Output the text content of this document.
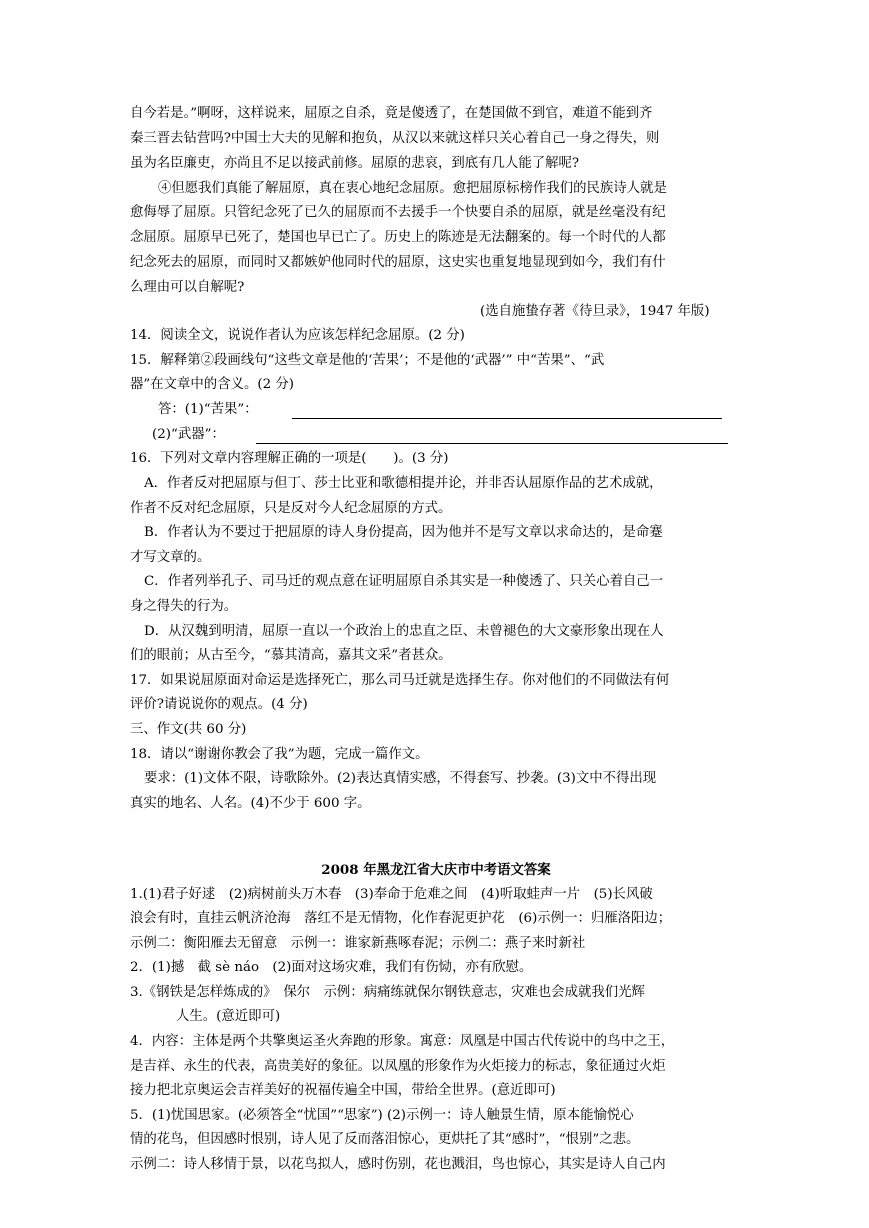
自今若是。”啊呀，这样说来，屈原之自杀，竟是傻透了，在楚国做不到官，难道不能到齐
秦三晋去钻营吗?中国士大夫的见解和抱负，从汉以来就这样只关心着自己一身之得失，则
虽为名臣廉吏，亦尚且不足以接武前修。屈原的悲哀，到底有几人能了解呢?
④但愿我们真能了解屈原，真在衷心地纪念屈原。愈把屈原标榜作我们的民族诗人就是
愈侮辱了屈原。只管纪念死了已久的屈原而不去援手一个快要自杀的屈原，就是丝毫没有纪
念屈原。屈原早已死了，楚国也早已亡了。历史上的陈迹是无法翻案的。每一个时代的人都
纪念死去的屈原，而同时又都嫉妒他同时代的屈原，这史实也重复地显现到如今，我们有什
么理由可以自解呢?
(选自施蛰存著《待旦录》，1947 年版)
14．阅读全文，说说作者认为应该怎样纪念屈原。(2 分)
15．解释第②段画线句“这些文章是他的‘苦果’；不是他的‘武器’” 中“苦果”、“武
器”在文章中的含义。(2 分)
答：(1)“苦果”：
(2)“武器”：
16．下列对文章内容理解正确的一项是(　　)。(3 分)
A．作者反对把屈原与但丁、莎士比亚和歌德相提并论，并非否认屈原作品的艺术成就，
作者不反对纪念屈原，只是反对今人纪念屈原的方式。
B．作者认为不要过于把屈原的诗人身份提高，因为他并不是写文章以求命达的，是命蹇
才写文章的。
C．作者列举孔子、司马迁的观点意在证明屈原自杀其实是一种傻透了、只关心着自己一
身之得失的行为。
D．从汉魏到明清，屈原一直以一个政治上的忠直之臣、未曾褪色的大文豪形象出现在人
们的眼前；从古至今，“慕其清高，嘉其文采”者甚众。
17．如果说屈原面对命运是选择死亡，那么司马迁就是选择生存。你对他们的不同做法有何
评价?请说说你的观点。(4 分)
三、作文(共 60 分)
18．请以“谢谢你教会了我”为题，完成一篇作文。
要求：(1)文体不限，诗歌除外。(2)表达真情实感，不得套写、抄袭。(3)文中不得出现
真实的地名、人名。(4)不少于 600 字。
2008 年黑龙江省大庆市中考语文答案
1.(1)君子好逑　(2)病树前头万木春　(3)奉命于危难之间　(4)听取蛙声一片　(5)长风破
浪会有时，直挂云帆济沧海　落红不是无情物，化作春泥更护花　(6)示例一：归雁洛阳边；
示例二：衡阳雁去无留意　示例一：谁家新燕啄春泥；示例二：燕子来时新社
2．(1)撼　截 sè náo　(2)面对这场灾难，我们有伤恸，亦有欣慰。
3.《钢铁是怎样炼成的》　保尔　示例：病痛练就保尔钢铁意志，灾难也会成就我们光辉
人生。(意近即可)
4．内容：主体是两个共擎奥运圣火奔跑的形象。寓意：凤凰是中国古代传说中的鸟中之王，
是吉祥、永生的代表，高贵美好的象征。以凤凰的形象作为火炬接力的标志，象征通过火炬
接力把北京奥运会吉祥美好的祝福传遍全中国，带给全世界。(意近即可)
5．(1)忧国思家。(必须答全“忧国”“思家”) (2)示例一：诗人触景生情，原本能愉悦心
情的花鸟，但因感时恨别，诗人见了反而落泪惊心，更烘托了其“感时”，“恨别”之悲。
示例二：诗人移情于景，以花鸟拟人，感时伤别，花也溅泪，鸟也惊心，其实是诗人自己内
